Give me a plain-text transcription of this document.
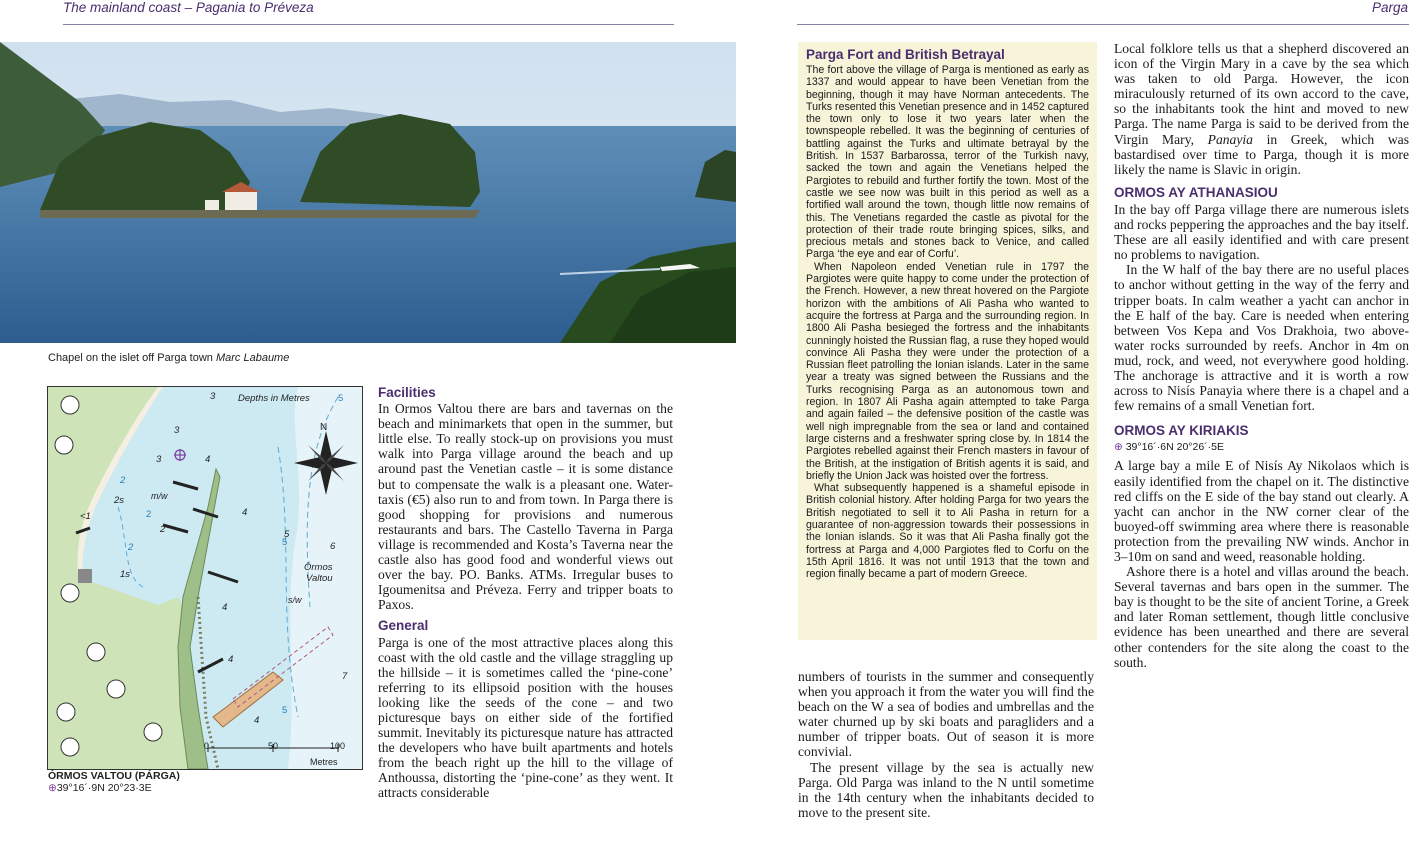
The mainland coast – Pagania to Préveza	Parga
Chapel on the islet off Parga town Marc Labaume
Depths in Metres
N
Órmos
Valtou
s/w
m/w
3
3
3	4
4
4
4
4
5
6
7
2
2
2
<1
2s
1s
5
5
5
2
0	50	100
Metres
ÓRMOS VALTOU (PÁRGA)
⊕39°16´·9N 20°23·3E
Facilities

In Ormos Valtou there are bars and tavernas on the beach and minimarkets that open in the summer, but little else. To really stock-up on provisions you must walk into Parga village around the beach and up around past the Venetian castle – it is some distance but to compensate the walk is a pleasant one. Water-taxis (€5) also run to and from town. In Parga there is good shopping for provisions and numerous restaurants and bars. The Castello Taverna in Parga village is recommended and Kosta’s Taverna near the castle also has good food and wonderful views out over the bay. PO. Banks. ATMs. Irregular buses to Igoumenitsa and Préveza. Ferry and tripper boats to Paxos.

General

Parga is one of the most attractive places along this coast with the old castle and the village straggling up the hillside – it is sometimes called the ‘pine-cone’ referring to its ellipsoid position with the houses looking like the seeds of the cone – and two picturesque bays on either side of the fortified summit. Inevitably its picturesque nature has attracted the developers who have built apartments and hotels from the beach right up the hill to the village of Anthoussa, distorting the ‘pine-cone’ as they went. It attracts considerable

Parga Fort and British Betrayal

The fort above the village of Parga is mentioned as early as 1337 and would appear to have been Venetian from the beginning, though it may have Norman antecedents. The Turks resented this Venetian presence and in 1452 captured the town only to lose it two years later when the townspeople rebelled. It was the beginning of centuries of battling against the Turks and ultimate betrayal by the British. In 1537 Barbarossa, terror of the Turkish navy, sacked the town and again the Venetians helped the Pargiotes to rebuild and further fortify the town. Most of the castle we see now was built in this period as well as a fortified wall around the town, though little now remains of this. The Venetians regarded the castle as pivotal for the protection of their trade route bringing spices, silks, and precious metals and stones back to Venice, and called Parga ‘the eye and ear of Corfu’.

When Napoleon ended Venetian rule in 1797 the Pargiotes were quite happy to come under the protection of the French. However, a new threat hovered on the Pargiote horizon with the ambitions of Ali Pasha who wanted to acquire the fortress at Parga and the surrounding region. In 1800 Ali Pasha besieged the fortress and the inhabitants cunningly hoisted the Russian flag, a ruse they hoped would convince Ali Pasha they were under the protection of a Russian fleet patrolling the Ionian islands. Later in the same year a treaty was signed between the Russians and the Turks recognising Parga as an autonomous town and region. In 1807 Ali Pasha again attempted to take Parga and again failed – the defensive position of the castle was well nigh impregnable from the sea or land and contained large cisterns and a freshwater spring close by. In 1814 the Pargiotes rebelled against their French masters in favour of the British, at the instigation of British agents it is said, and briefly the Union Jack was hoisted over the fortress.

What subsequently happened is a shameful episode in British colonial history. After holding Parga for two years the British negotiated to sell it to Ali Pasha in return for a guarantee of non-aggression towards their possessions in the Ionian islands. So it was that Ali Pasha finally got the fortress at Parga and 4,000 Pargiotes fled to Corfu on the 15th April 1816. It was not until 1913 that the town and region finally became a part of modern Greece.

numbers of tourists in the summer and consequently when you approach it from the water you will find the beach on the W a sea of bodies and umbrellas and the water churned up by ski boats and paragliders and a number of tripper boats. Out of season it is more convivial.

The present village by the sea is actually new Parga. Old Parga was inland to the N until sometime in the 14th century when the inhabitants decided to move to the present site.

Local folklore tells us that a shepherd discovered an icon of the Virgin Mary in a cave by the sea which was taken to old Parga. However, the icon miraculously returned of its own accord to the cave, so the inhabitants took the hint and moved to new Parga. The name Parga is said to be derived from the Virgin Mary, Panayia in Greek, which was bastardised over time to Parga, though it is more likely the name is Slavic in origin.

ORMOS AY ATHANASIOU

In the bay off Parga village there are numerous islets and rocks peppering the approaches and the bay itself. These are all easily identified and with care present no problems to navigation.

In the W half of the bay there are no useful places to anchor without getting in the way of the ferry and tripper boats. In calm weather a yacht can anchor in the E half of the bay. Care is needed when entering between Vos Kepa and Vos Drakhoia, two above-water rocks surrounded by reefs. Anchor in 4m on mud, rock, and weed, not everywhere good holding. The anchorage is attractive and it is worth a row across to Nisís Panayia where there is a chapel and a few remains of a small Venetian fort.

ORMOS AY KIRIAKIS
⊕ 39°16´·6N 20°26´·5E

A large bay a mile E of Nisís Ay Nikolaos which is easily identified from the chapel on it. The distinctive red cliffs on the E side of the bay stand out clearly. A yacht can anchor in the NW corner clear of the buoyed-off swimming area where there is reasonable protection from the prevailing NW winds. Anchor in 3–10m on sand and weed, reasonable holding.

Ashore there is a hotel and villas around the beach. Several tavernas and bars open in the summer. The bay is thought to be the site of ancient Torine, a Greek and later Roman settlement, though little conclusive evidence has been unearthed and there are several other contenders for the site along the coast to the south.
